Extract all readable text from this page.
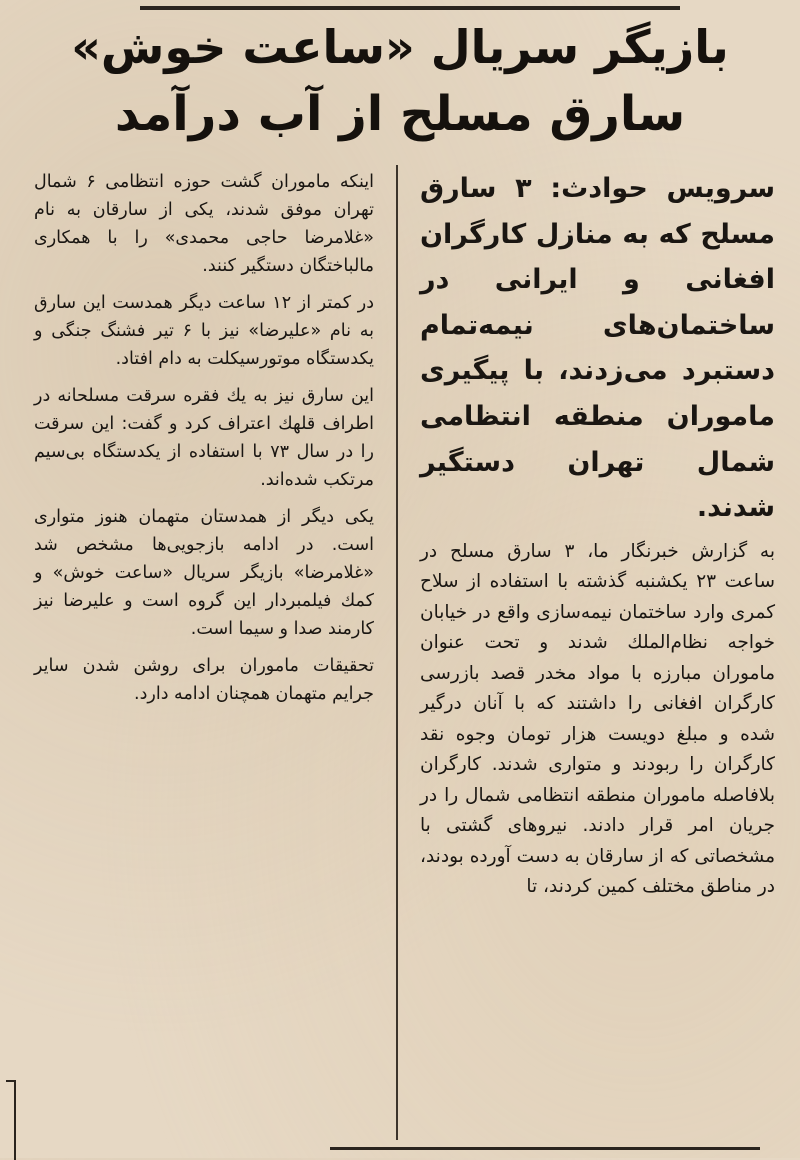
بازیگر سریال «ساعت خوش»
سارق مسلح از آب درآمد

سرویس حوادث: ۳ سارق مسلح که به منازل کارگران افغانی و ایرانی در ساختمان‌های نیمه‌تمام دستبرد می‌زدند، با پیگیری ماموران منطقه انتظامی شمال تهران دستگیر شدند.

به گزارش خبرنگار ما، ۳ سارق مسلح در ساعت ۲۳ یکشنبه گذشته با استفاده از سلاح کمری وارد ساختمان نیمه‌سازی واقع در خیابان خواجه نظام‌الملك شدند و تحت عنوان ماموران مبارزه با مواد مخدر قصد بازرسی کارگران افغانی را داشتند که با آنان درگیر شده و مبلغ دویست هزار تومان وجوه نقد کارگران را ربودند و متواری شدند. کارگران بلافاصله ماموران منطقه انتظامی شمال را در جریان امر قرار دادند. نیروهای گشتی با مشخصاتی که از سارقان به دست آورده بودند، در مناطق مختلف کمین کردند، تا

اینکه ماموران گشت حوزه انتظامی ۶ شمال تهران موفق شدند، یکی از سارقان به نام «غلامرضا حاجی محمدی» را با همکاری مالباختگان دستگیر کنند.

در کمتر از ۱۲ ساعت دیگر همدست این سارق به نام «علیرضا» نیز با ۶ تیر فشنگ جنگی و یکدستگاه موتورسیکلت به دام افتاد.

این سارق نیز به یك فقره سرقت مسلحانه در اطراف قلهك اعتراف کرد و گفت: این سرقت را در سال ۷۳ با استفاده از یکدستگاه بی‌سیم مرتکب شده‌اند.

یکی دیگر از همدستان متهمان هنوز متواری است. در ادامه بازجویی‌ها مشخص شد «غلامرضا» بازیگر سریال «ساعت خوش» و کمك فیلمبردار این گروه است و علیرضا نیز کارمند صدا و سیما است.

تحقیقات ماموران برای روشن شدن سایر جرایم متهمان همچنان ادامه دارد.
